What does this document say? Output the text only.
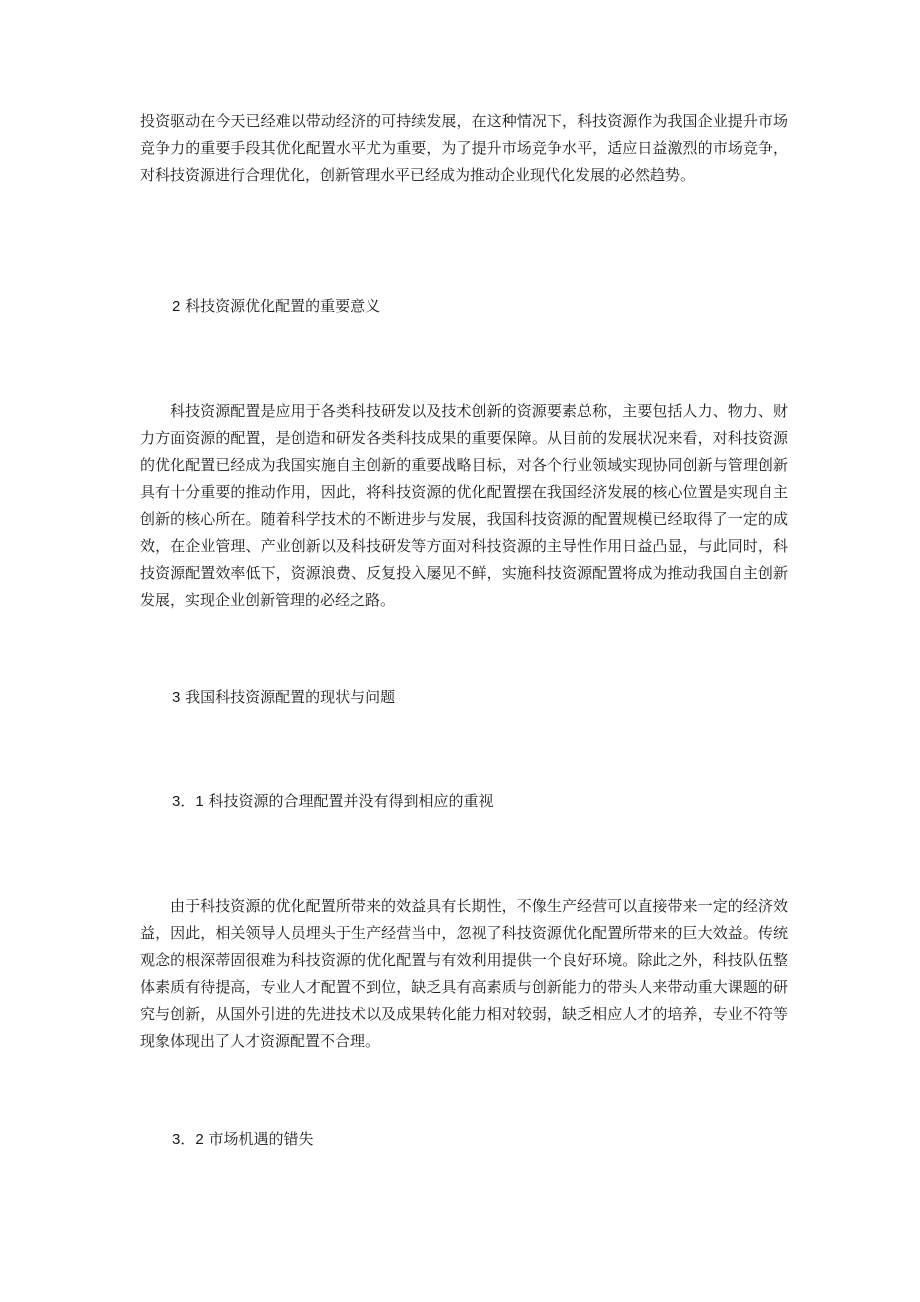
投资驱动在今天已经难以带动经济的可持续发展，在这种情况下，科技资源作为我国企业提升市场竞争力的重要手段其优化配置水平尤为重要，为了提升市场竞争水平，适应日益激烈的市场竞争，对科技资源进行合理优化，创新管理水平已经成为推动企业现代化发展的必然趋势。

2 科技资源优化配置的重要意义

科技资源配置是应用于各类科技研发以及技术创新的资源要素总称，主要包括人力、物力、财力方面资源的配置，是创造和研发各类科技成果的重要保障。从目前的发展状况来看，对科技资源的优化配置已经成为我国实施自主创新的重要战略目标，对各个行业领域实现协同创新与管理创新具有十分重要的推动作用，因此，将科技资源的优化配置摆在我国经济发展的核心位置是实现自主创新的核心所在。随着科学技术的不断进步与发展，我国科技资源的配置规模已经取得了一定的成效，在企业管理、产业创新以及科技研发等方面对科技资源的主导性作用日益凸显，与此同时，科技资源配置效率低下，资源浪费、反复投入屡见不鲜，实施科技资源配置将成为推动我国自主创新发展，实现企业创新管理的必经之路。

3 我国科技资源配置的现状与问题

3．1 科技资源的合理配置并没有得到相应的重视

由于科技资源的优化配置所带来的效益具有长期性，不像生产经营可以直接带来一定的经济效益，因此，相关领导人员埋头于生产经营当中，忽视了科技资源优化配置所带来的巨大效益。传统观念的根深蒂固很难为科技资源的优化配置与有效利用提供一个良好环境。除此之外，科技队伍整体素质有待提高，专业人才配置不到位，缺乏具有高素质与创新能力的带头人来带动重大课题的研究与创新，从国外引进的先进技术以及成果转化能力相对较弱，缺乏相应人才的培养，专业不符等现象体现出了人才资源配置不合理。

3．2 市场机遇的错失
